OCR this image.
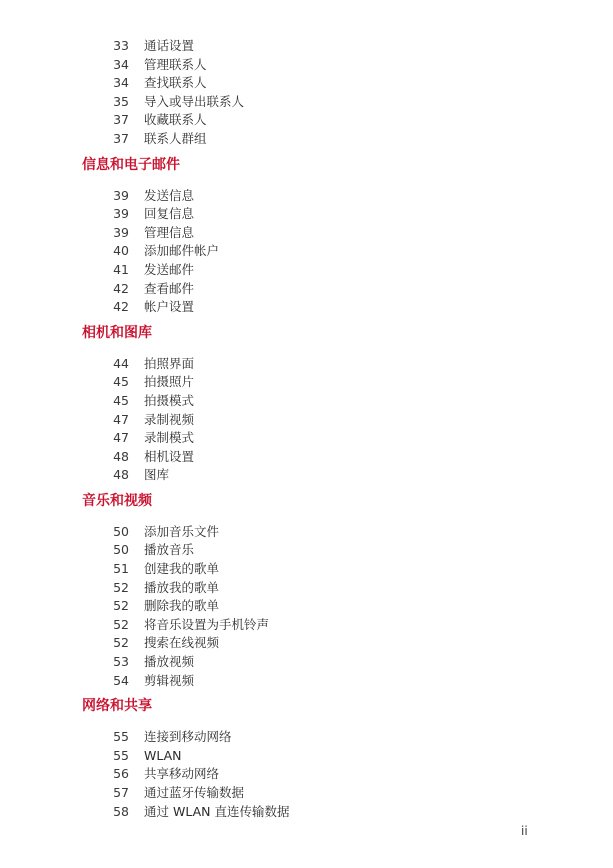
33 通话设置
34 管理联系人
34 查找联系人
35 导入或导出联系人
37 收藏联系人
37 联系人群组
信息和电子邮件
39 发送信息
39 回复信息
39 管理信息
40 添加邮件帐户
41 发送邮件
42 查看邮件
42 帐户设置
相机和图库
44 拍照界面
45 拍摄照片
45 拍摄模式
47 录制视频
47 录制模式
48 相机设置
48 图库
音乐和视频
50 添加音乐文件
50 播放音乐
51 创建我的歌单
52 播放我的歌单
52 删除我的歌单
52 将音乐设置为手机铃声
52 搜索在线视频
53 播放视频
54 剪辑视频
网络和共享
55 连接到移动网络
55 WLAN
56 共享移动网络
57 通过蓝牙传输数据
58 通过 WLAN 直连传输数据
ii
